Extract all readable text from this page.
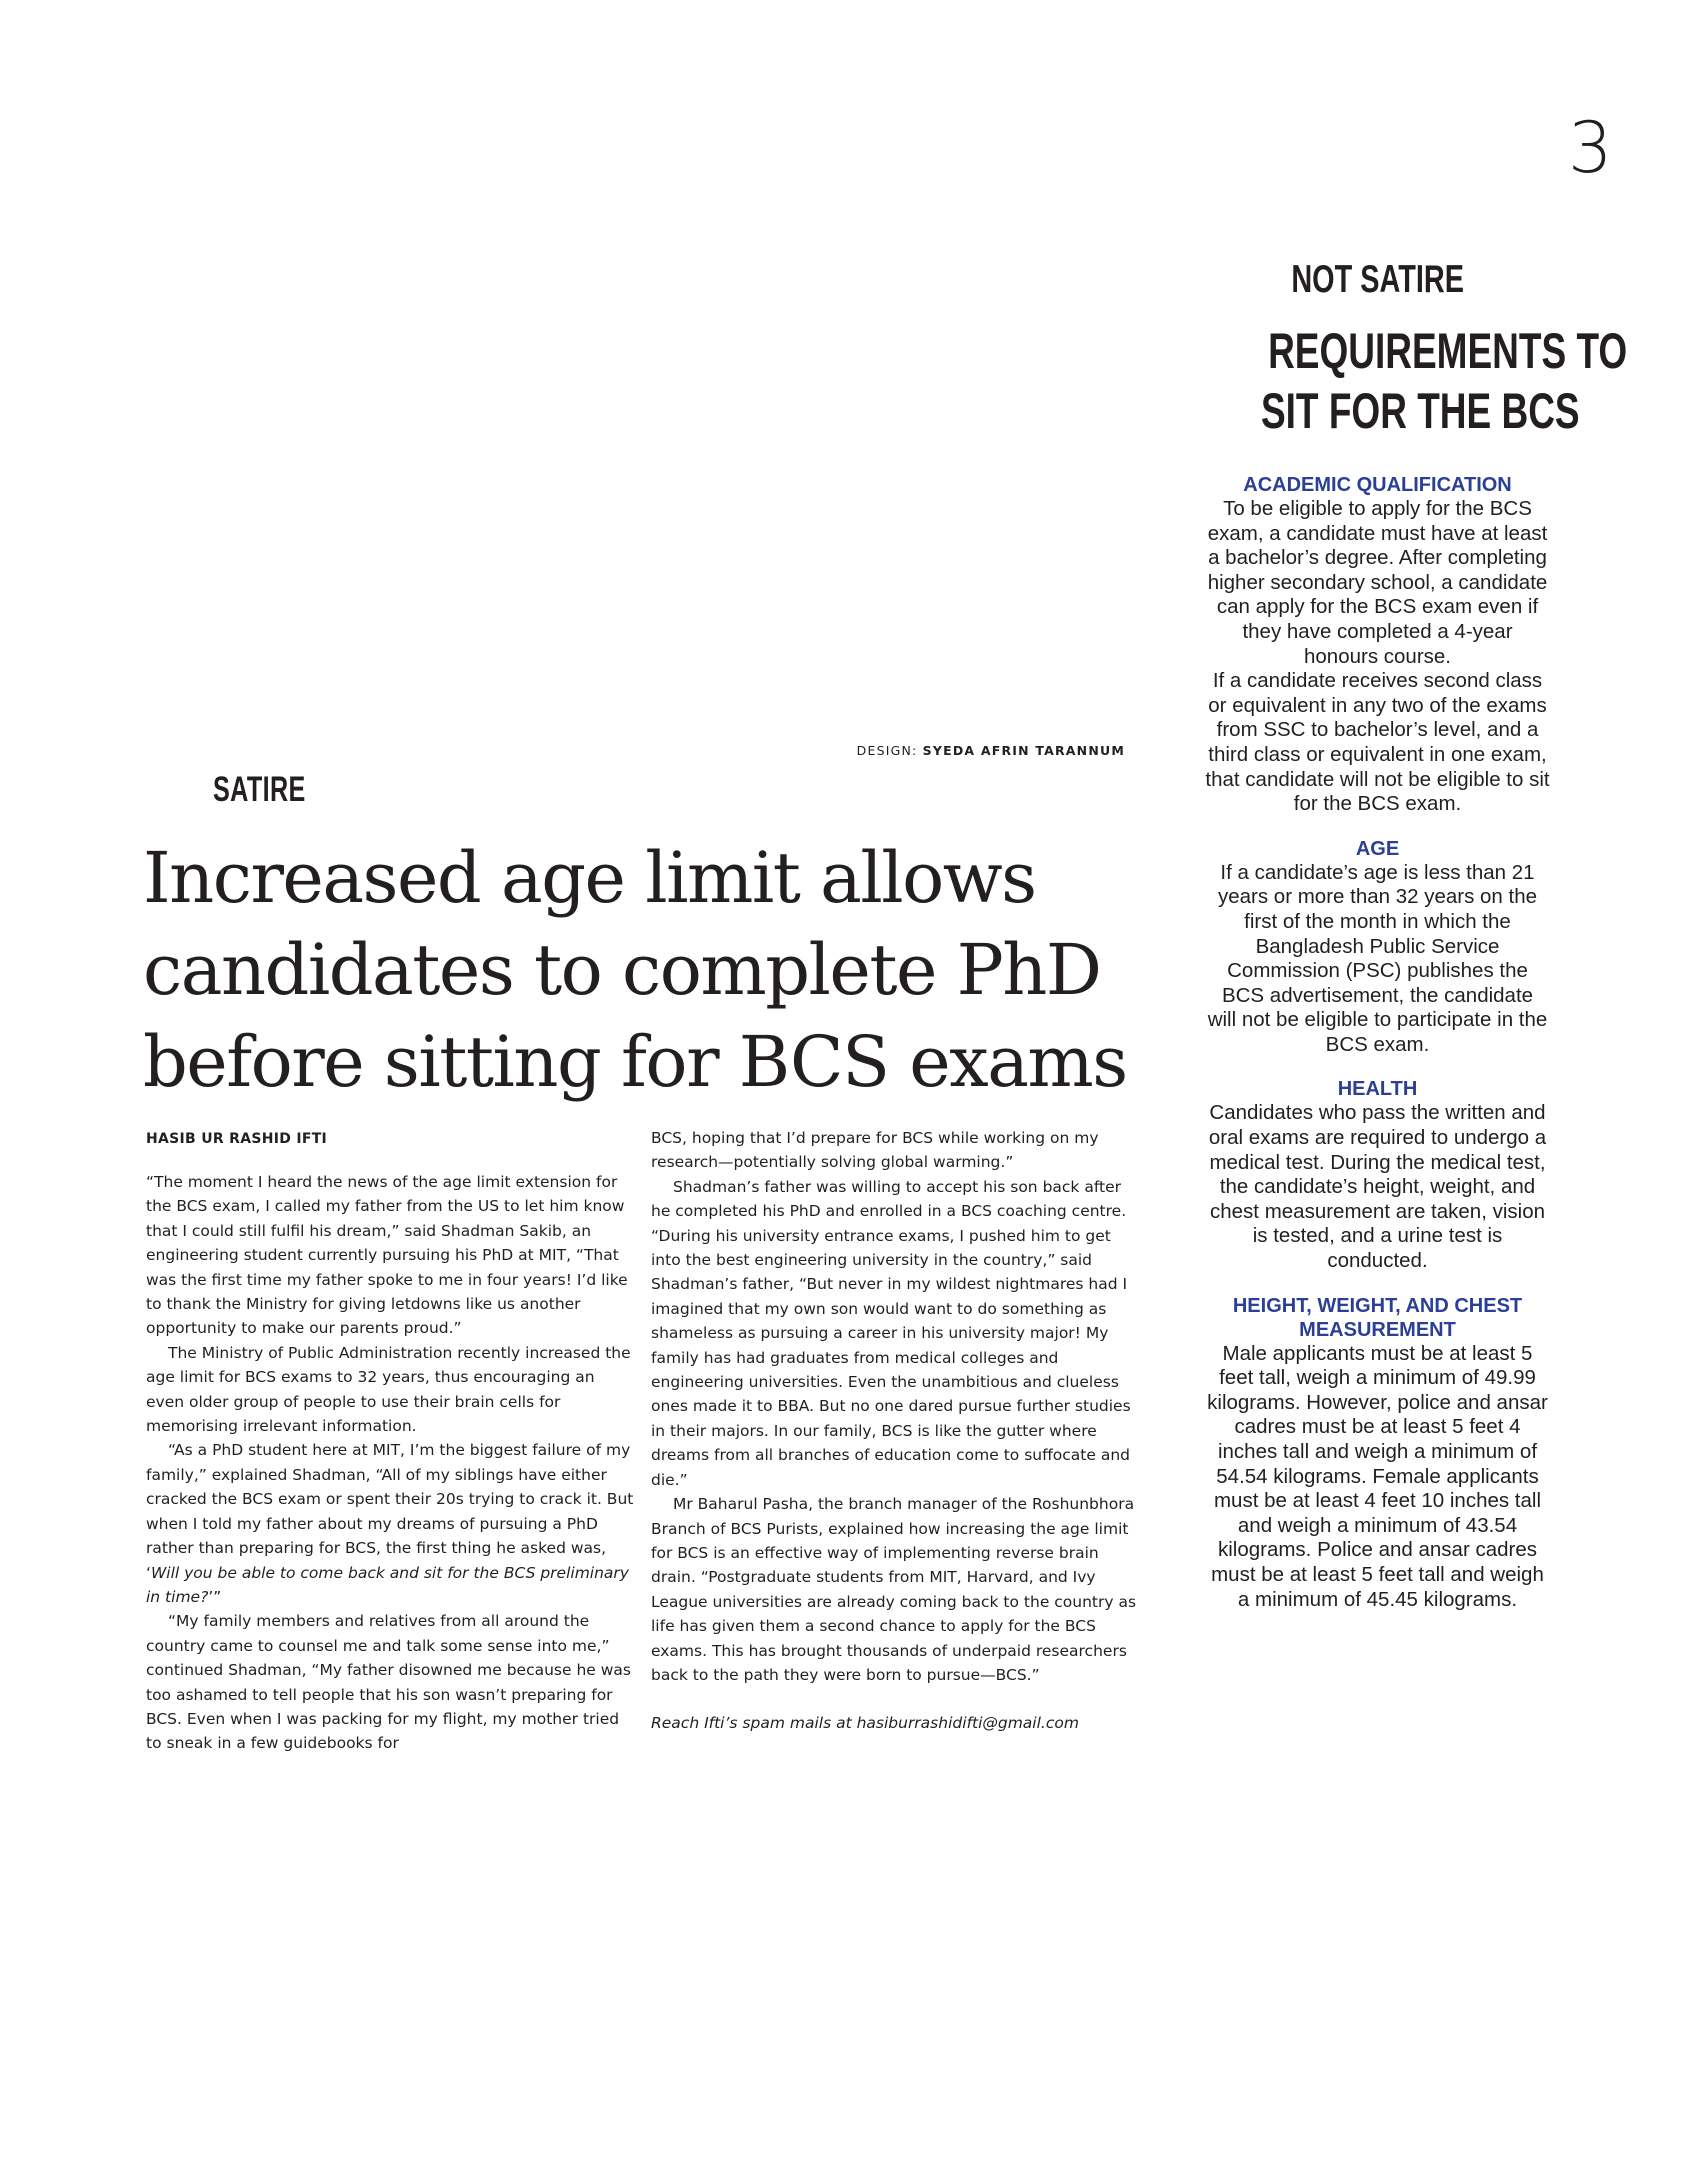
3
DESIGN: SYEDA AFRIN TARANNUM
SATIRE
Increased age limit allows
candidates to complete PhD
before sitting for BCS exams
HASIB UR RASHID IFTI

“The moment I heard the news of the age limit extension for the BCS exam, I called my father from the US to let him know that I could still fulfil his dream,” said Shadman Sakib, an engineering student currently pursuing his PhD at MIT, “That was the first time my father spoke to me in four years! I’d like to thank the Ministry for giving letdowns like us another opportunity to make our parents proud.”

The Ministry of Public Administration recently increased the age limit for BCS exams to 32 years, thus encouraging an even older group of people to use their brain cells for memorising irrelevant information.

“As a PhD student here at MIT, I’m the biggest failure of my family,” explained Shadman, “All of my siblings have either cracked the BCS exam or spent their 20s trying to crack it. But when I told my father about my dreams of pursuing a PhD rather than preparing for BCS, the first thing he asked was, ‘Will you be able to come back and sit for the BCS preliminary in time?’”

“My family members and relatives from all around the country came to counsel me and talk some sense into me,” continued Shadman, “My father disowned me because he was too ashamed to tell people that his son wasn’t preparing for BCS. Even when I was packing for my flight, my mother tried to sneak in a few guidebooks for

BCS, hoping that I’d prepare for BCS while working on my research—potentially solving global warming.”

Shadman’s father was willing to accept his son back after he completed his PhD and enrolled in a BCS coaching centre. “During his university entrance exams, I pushed him to get into the best engineering university in the country,” said Shadman’s father, “But never in my wildest nightmares had I imagined that my own son would want to do something as shameless as pursuing a career in his university major! My family has had graduates from medical colleges and engineering universities. Even the unambitious and clueless ones made it to BBA. But no one dared pursue further studies in their majors. In our family, BCS is like the gutter where dreams from all branches of education come to suffocate and die.”

Mr Baharul Pasha, the branch manager of the Roshunbhora Branch of BCS Purists, explained how increasing the age limit for BCS is an effective way of implementing reverse brain drain. “Postgraduate students from MIT, Harvard, and Ivy League universities are already coming back to the country as life has given them a second chance to apply for the BCS exams. This has brought thousands of underpaid researchers back to the path they were born to pursue—BCS.”

Reach Ifti’s spam mails at hasiburrashidifti@gmail.com

NOT SATIRE
REQUIREMENTS TO
SIT FOR THE BCS
ACADEMIC QUALIFICATION

To be eligible to apply for the BCS exam, a candidate must have at least a bachelor’s degree. After completing higher secondary school, a candidate can apply for the BCS exam even if they have completed a 4-year honours course.

If a candidate receives second class or equivalent in any two of the exams from SSC to bachelor’s level, and a third class or equivalent in one exam, that candidate will not be eligible to sit for the BCS exam.

AGE

If a candidate’s age is less than 21 years or more than 32 years on the first of the month in which the Bangladesh Public Service Commission (PSC) publishes the BCS advertisement, the candidate will not be eligible to participate in the BCS exam.

HEALTH

Candidates who pass the written and oral exams are required to undergo a medical test. During the medical test, the candidate’s height, weight, and chest measurement are taken, vision is tested, and a urine test is conducted.

HEIGHT, WEIGHT, AND CHEST MEASUREMENT

Male applicants must be at least 5 feet tall, weigh a minimum of 49.99 kilograms. However, police and ansar cadres must be at least 5 feet 4 inches tall and weigh a minimum of 54.54 kilograms. Female applicants must be at least 4 feet 10 inches tall and weigh a minimum of 43.54 kilograms. Police and ansar cadres must be at least 5 feet tall and weigh a minimum of 45.45 kilograms.
